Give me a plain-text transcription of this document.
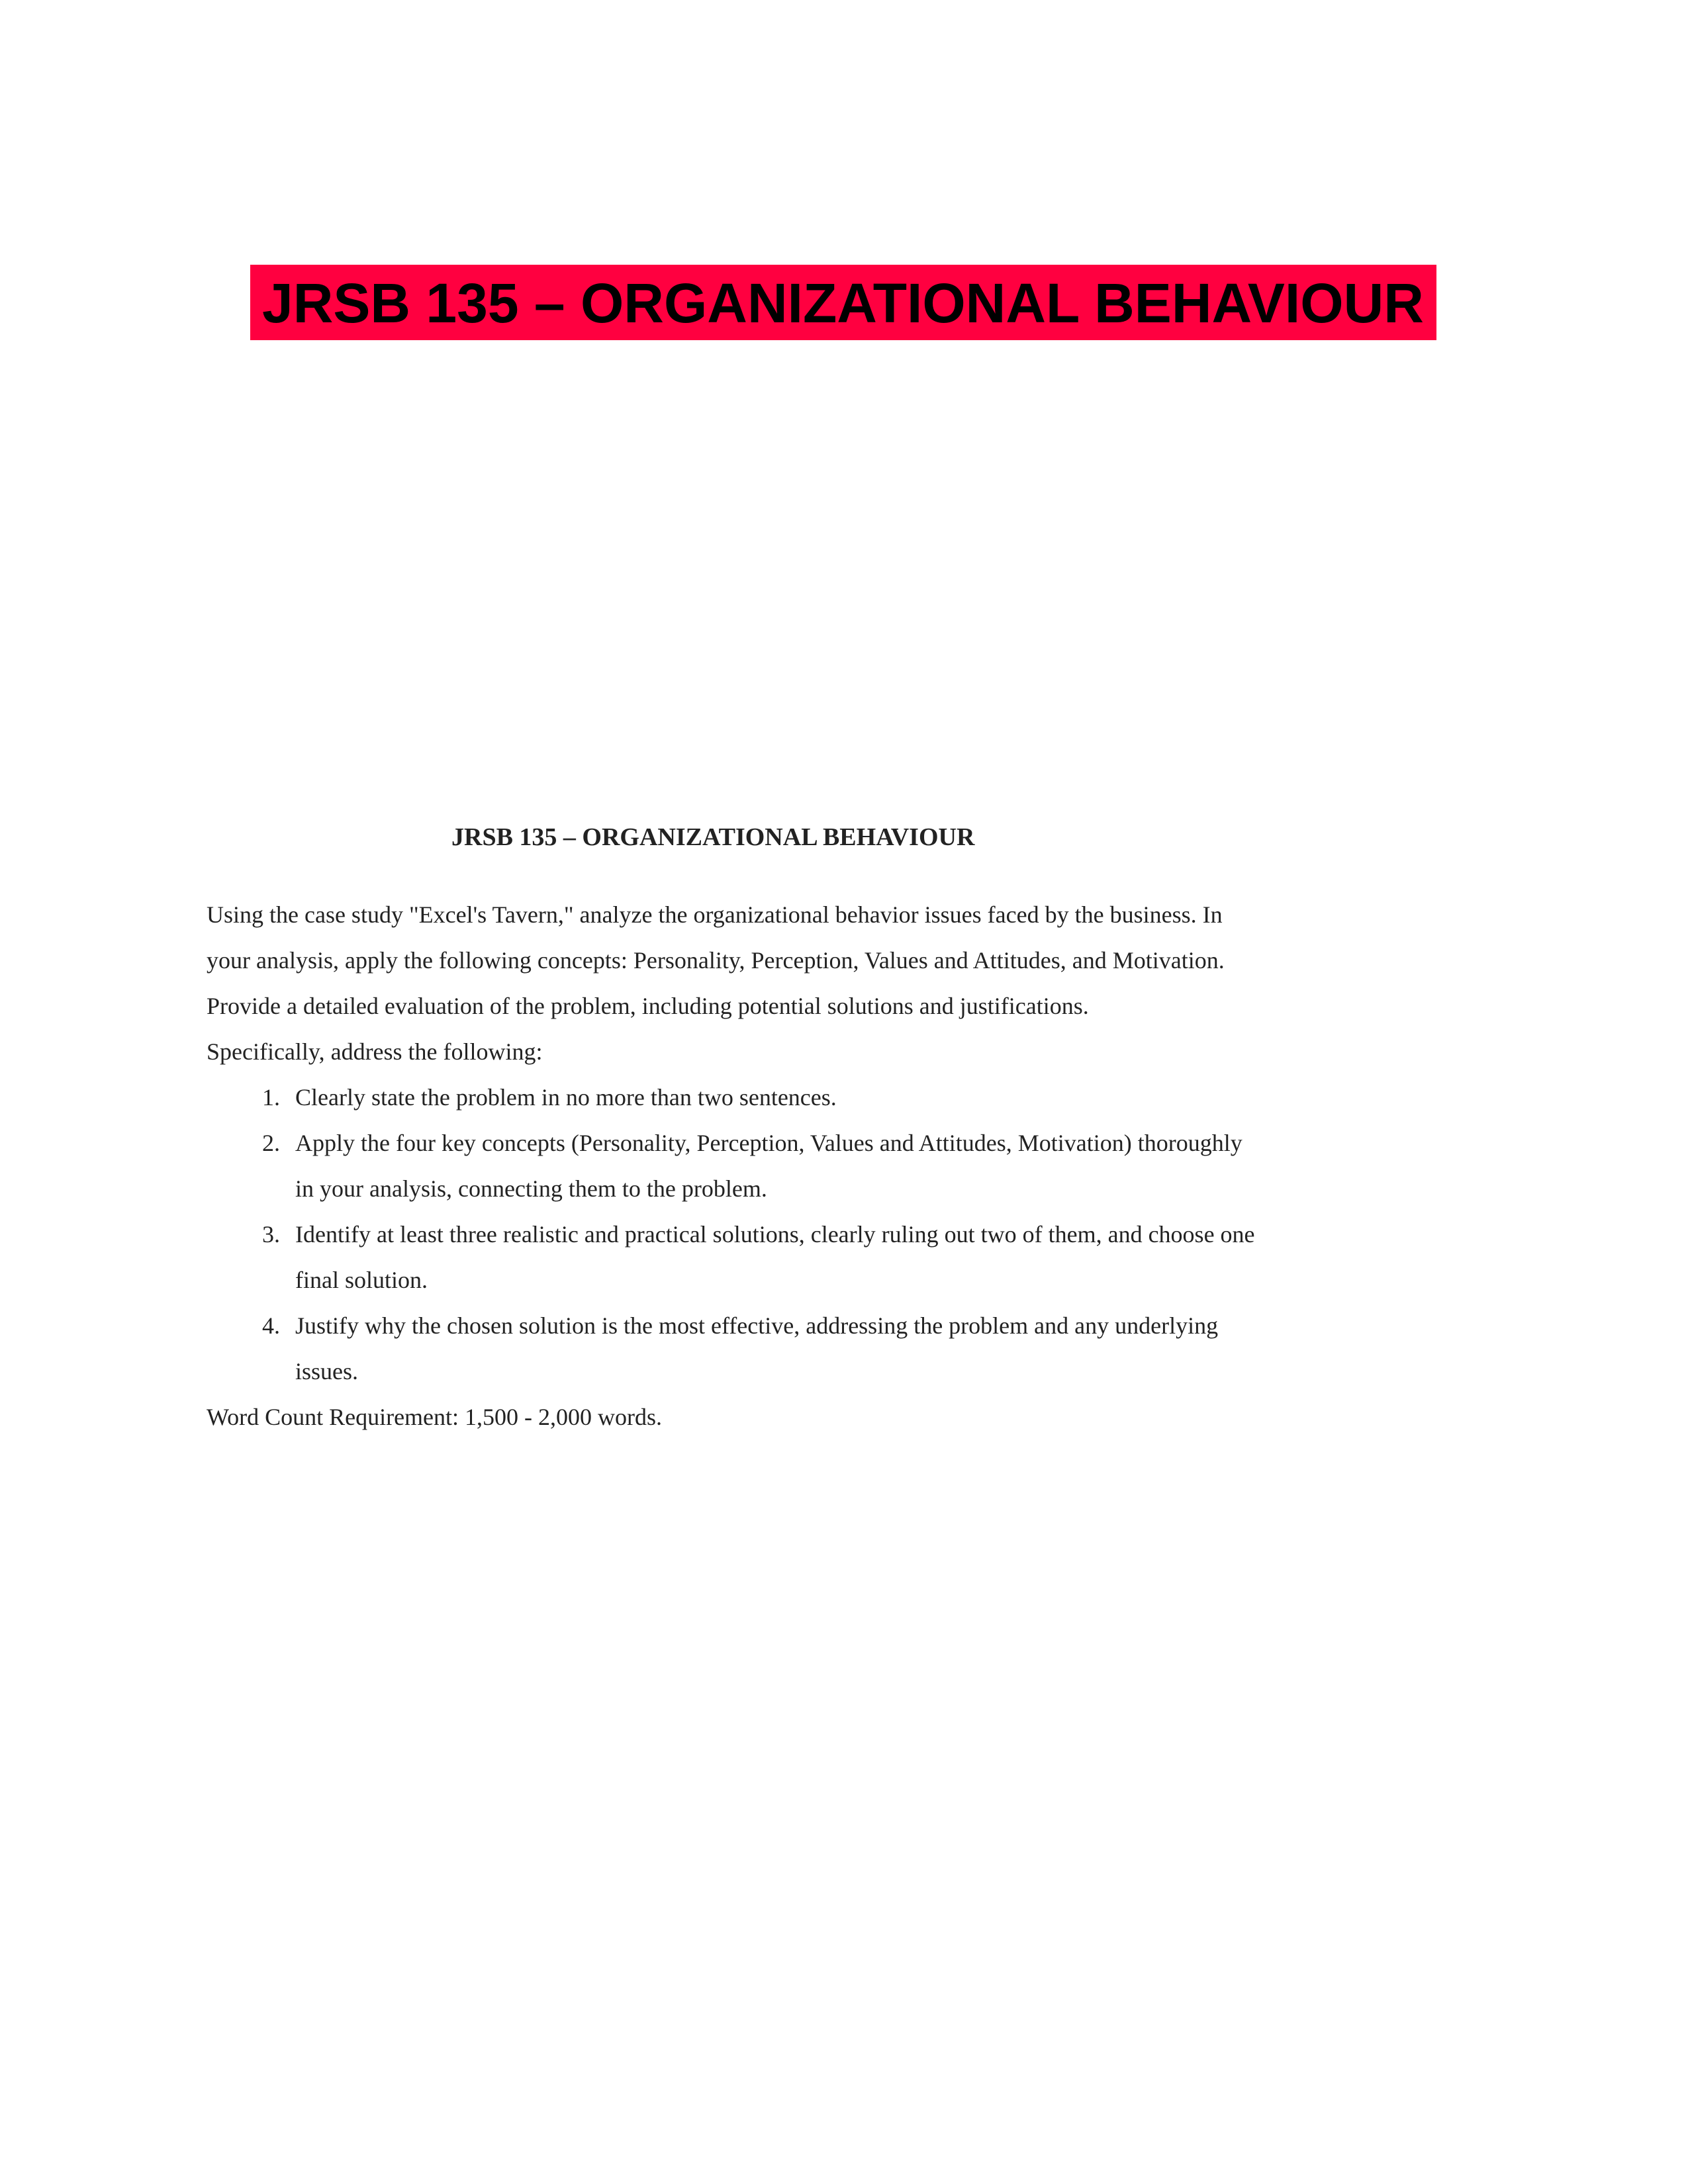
JRSB 135 – ORGANIZATIONAL BEHAVIOUR
JRSB 135 – ORGANIZATIONAL BEHAVIOUR

Using the case study "Excel's Tavern," analyze the organizational behavior issues faced by the business. In your analysis, apply the following concepts: Personality, Perception, Values and Attitudes, and Motivation.

Provide a detailed evaluation of the problem, including potential solutions and justifications.

Specifically, address the following:

1. Clearly state the problem in no more than two sentences.
2. Apply the four key concepts (Personality, Perception, Values and Attitudes, Motivation) thoroughly in your analysis, connecting them to the problem.
3. Identify at least three realistic and practical solutions, clearly ruling out two of them, and choose one final solution.
4. Justify why the chosen solution is the most effective, addressing the problem and any underlying issues.

Word Count Requirement: 1,500 - 2,000 words.
